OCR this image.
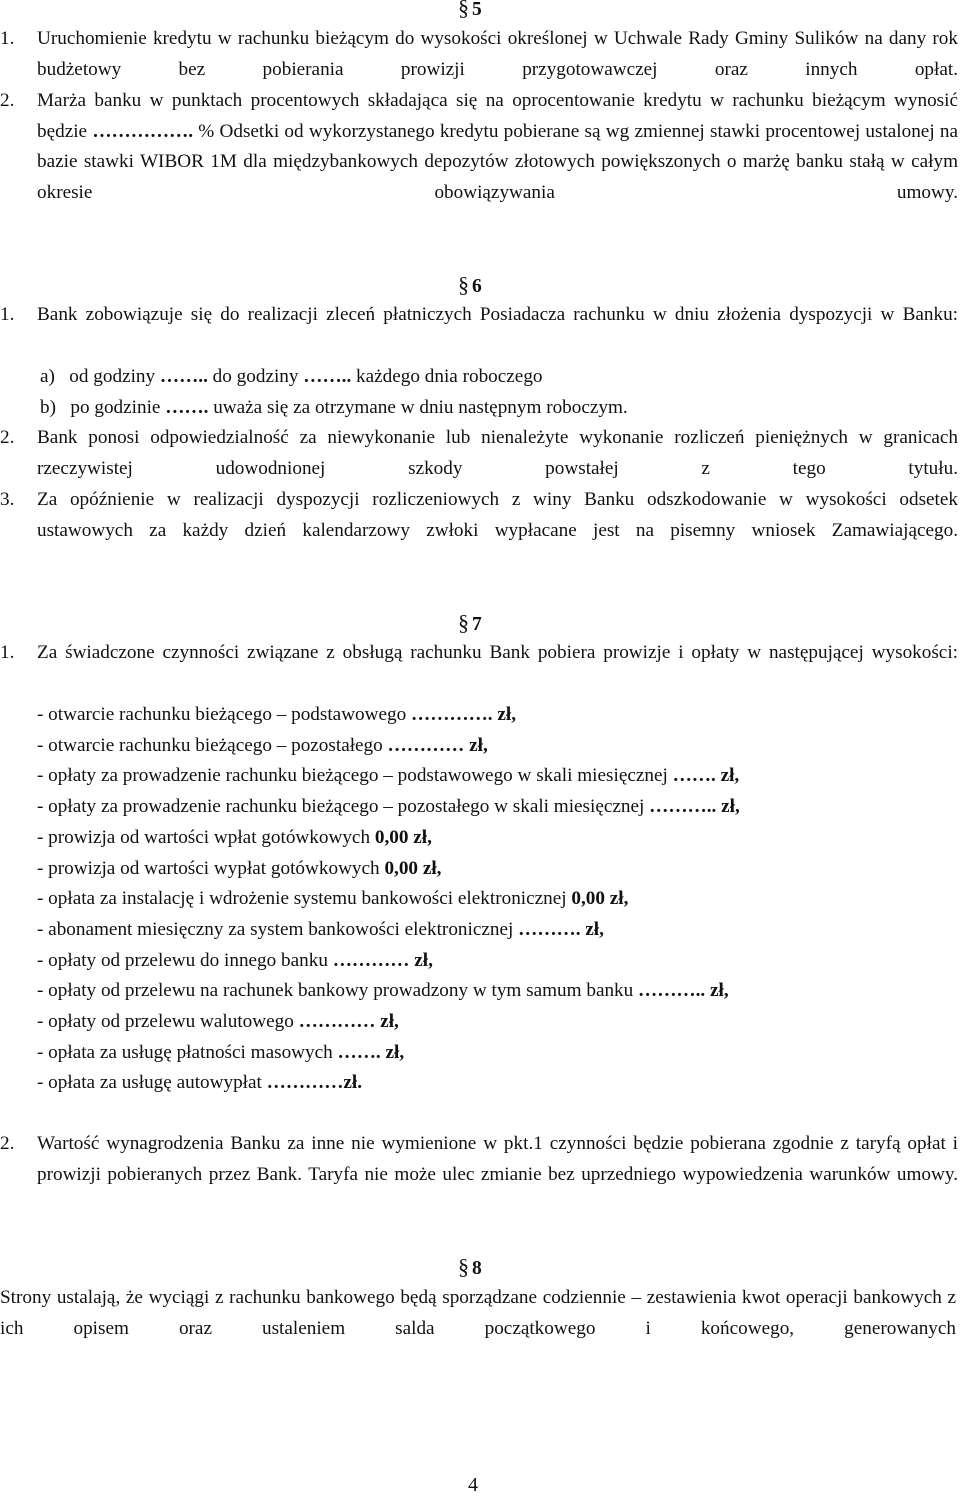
§ 5
1. Uruchomienie kredytu w rachunku bieżącym do wysokości określonej w Uchwale Rady Gminy Sulików na dany rok budżetowy bez pobierania prowizji przygotowawczej oraz innych opłat.
2. Marża banku w punktach procentowych składająca się na oprocentowanie kredytu w rachunku bieżącym wynosić będzie ……………. % Odsetki od wykorzystanego kredytu pobierane są wg zmiennej stawki procentowej ustalonej na bazie stawki WIBOR 1M dla międzybankowych depozytów złotowych powiększonych o marżę banku stałą w całym okresie obowiązywania umowy.
§ 6
1. Bank zobowiązuje się do realizacji zleceń płatniczych Posiadacza rachunku w dniu złożenia dyspozycji w Banku:
a) od godziny …….. do godziny …….. każdego dnia roboczego
b) po godzinie ……. uważa się za otrzymane w dniu następnym roboczym.
2. Bank ponosi odpowiedzialność za niewykonanie lub nienależyte wykonanie rozliczeń pieniężnych w granicach rzeczywistej udowodnionej szkody powstałej z tego tytułu.
3. Za opóźnienie w realizacji dyspozycji rozliczeniowych z winy Banku odszkodowanie w wysokości odsetek ustawowych za każdy dzień kalendarzowy zwłoki wypłacane jest na pisemny wniosek Zamawiającego.
§ 7
1. Za świadczone czynności związane z obsługą rachunku Bank pobiera prowizje i opłaty w następującej wysokości:
- otwarcie rachunku bieżącego – podstawowego …………. zł,
- otwarcie rachunku bieżącego – pozostałego ………… zł,
- opłaty za prowadzenie rachunku bieżącego – podstawowego w skali miesięcznej ……. zł,
- opłaty za prowadzenie rachunku bieżącego – pozostałego w skali miesięcznej ……….. zł,
- prowizja od wartości wpłat gotówkowych 0,00 zł,
- prowizja od wartości wypłat gotówkowych 0,00 zł,
- opłata za instalację i wdrożenie systemu bankowości elektronicznej 0,00 zł,
- abonament miesięczny za system bankowości elektronicznej ………. zł,
- opłaty od przelewu do innego banku ………… zł,
- opłaty od przelewu na rachunek bankowy prowadzony w tym samum banku ……….. zł,
- opłaty od przelewu walutowego ………… zł,
- opłata za usługę płatności masowych ……. zł,
- opłata za usługę autowypłat …………zł.
2. Wartość wynagrodzenia Banku za inne nie wymienione w pkt.1 czynności będzie pobierana zgodnie z taryfą opłat i prowizji pobieranych przez Bank. Taryfa nie może ulec zmianie bez uprzedniego wypowiedzenia warunków umowy.
§ 8
Strony ustalają, że wyciągi z rachunku bankowego będą sporządzane codziennie – zestawienia kwot operacji bankowych z ich opisem oraz ustaleniem salda początkowego i końcowego, generowanych
4
